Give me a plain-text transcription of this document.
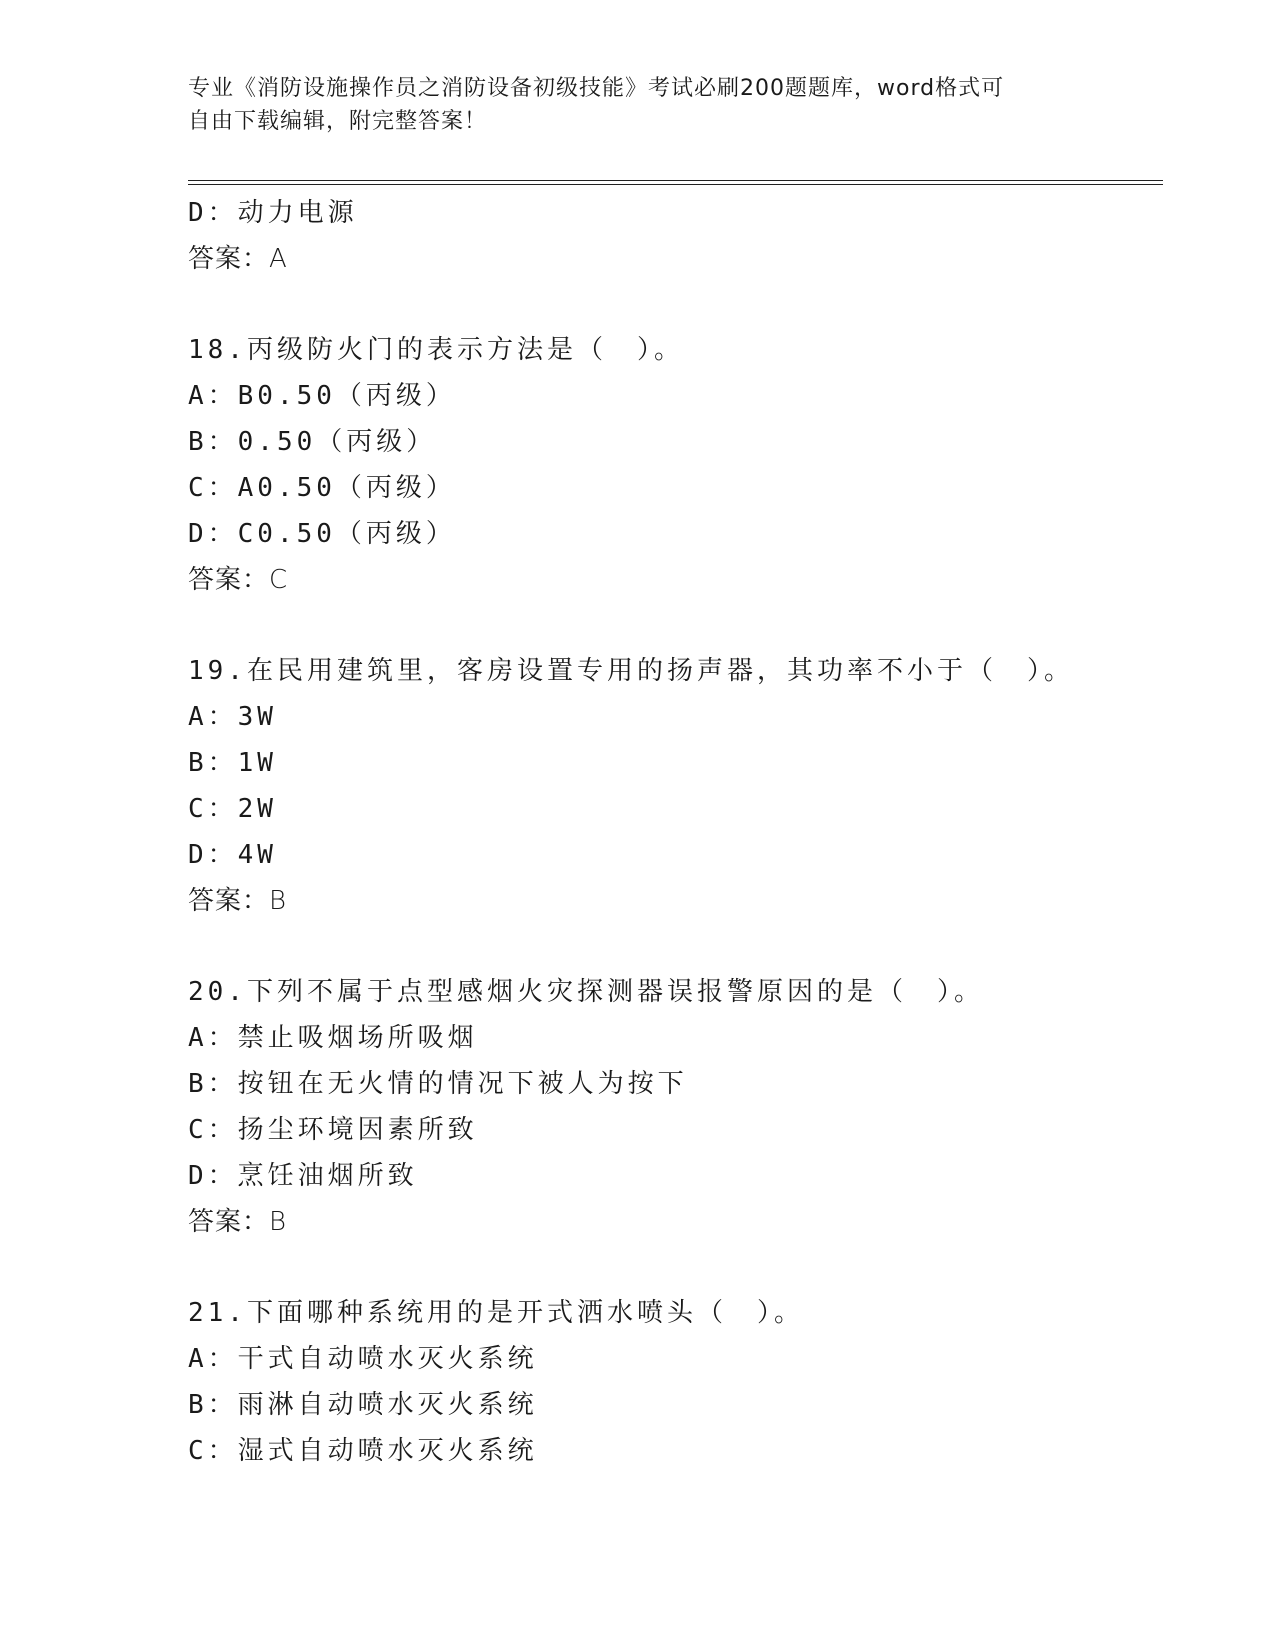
专业《消防设施操作员之消防设备初级技能》考试必刷200题题库，word格式可
自由下载编辑，附完整答案！
D：动力电源
答案：A
18.丙级防火门的表示方法是（　）。
A：B0.50（丙级）
B：0.50（丙级）
C：A0.50（丙级）
D：C0.50（丙级）
答案：C
19.在民用建筑里，客房设置专用的扬声器，其功率不小于（　）。
A：3W
B：1W
C：2W
D：4W
答案：B
20.下列不属于点型感烟火灾探测器误报警原因的是（　）。
A：禁止吸烟场所吸烟
B：按钮在无火情的情况下被人为按下
C：扬尘环境因素所致
D：烹饪油烟所致
答案：B
21.下面哪种系统用的是开式洒水喷头（　）。
A：干式自动喷水灭火系统
B：雨淋自动喷水灭火系统
C：湿式自动喷水灭火系统
